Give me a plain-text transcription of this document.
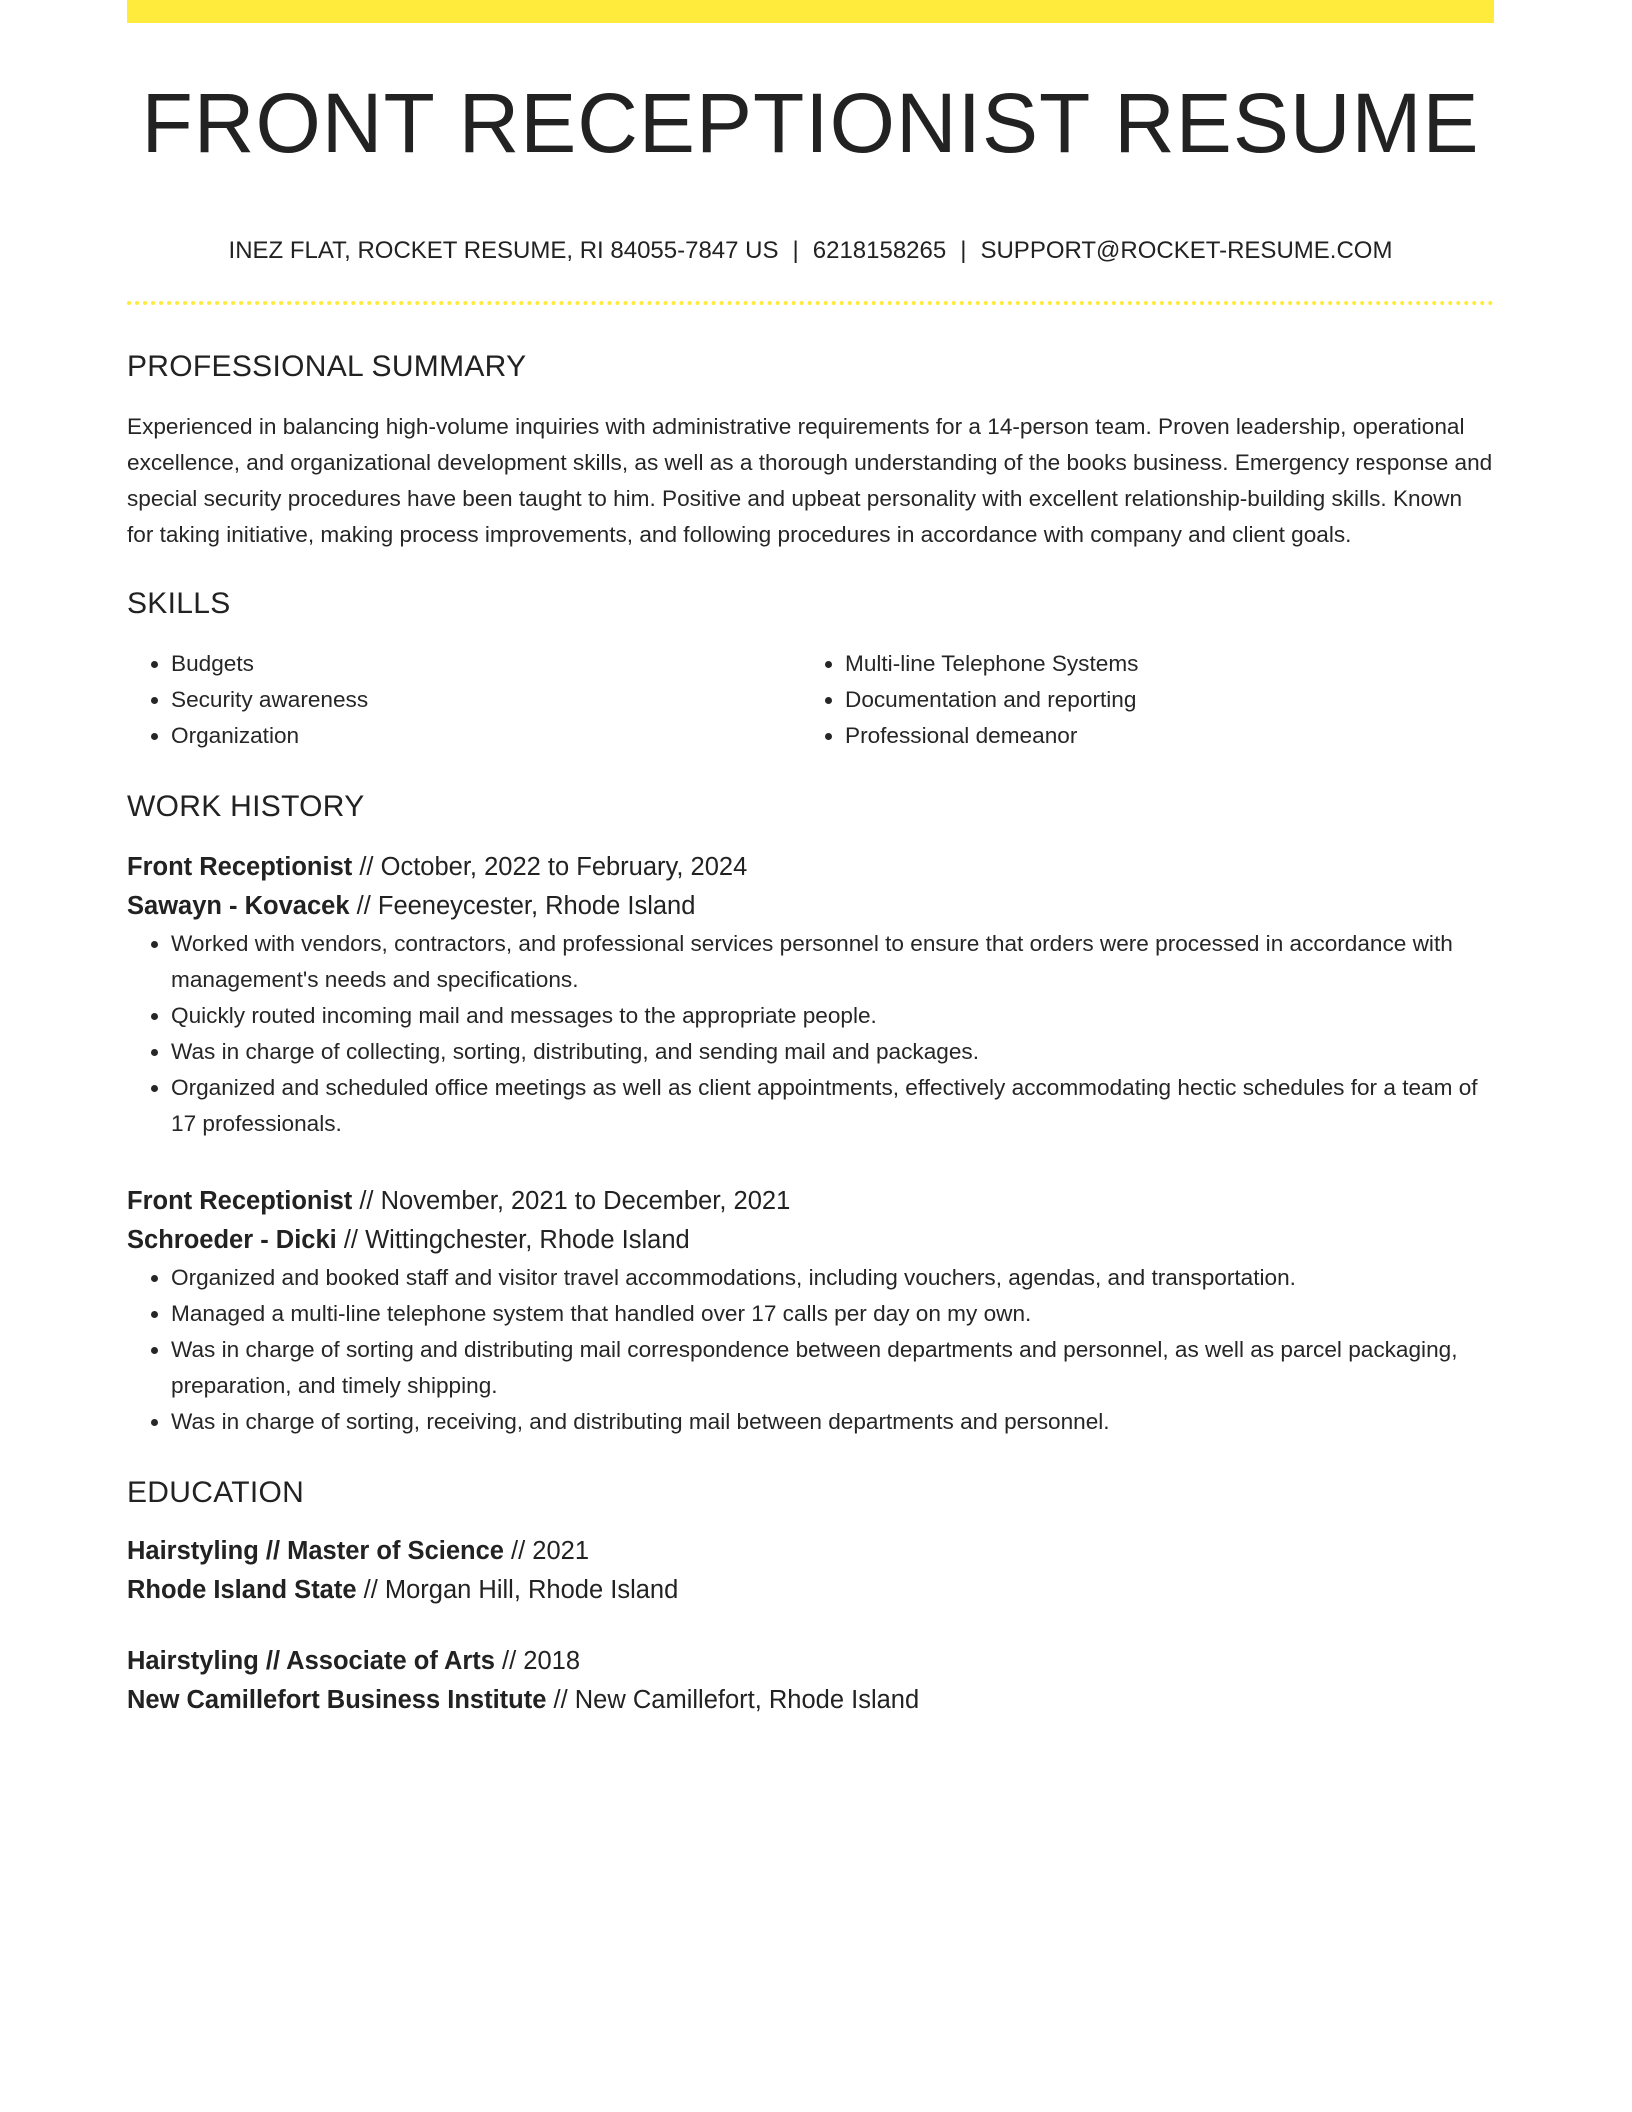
FRONT RECEPTIONIST RESUME
INEZ FLAT, ROCKET RESUME, RI 84055-7847 US | 6218158265 | SUPPORT@ROCKET-RESUME.COM
PROFESSIONAL SUMMARY

Experienced in balancing high-volume inquiries with administrative requirements for a 14-person team. Proven leadership, operational excellence, and organizational development skills, as well as a thorough understanding of the books business. Emergency response and special security procedures have been taught to him. Positive and upbeat personality with excellent relationship-building skills. Known for taking initiative, making process improvements, and following procedures in accordance with company and client goals.

SKILLS
• Budgets
• Security awareness
• Organization
• Multi-line Telephone Systems
• Documentation and reporting
• Professional demeanor
WORK HISTORY
Front Receptionist // October, 2022 to February, 2024
Sawayn - Kovacek // Feeneycester, Rhode Island
• Worked with vendors, contractors, and professional services personnel to ensure that orders were processed in accordance with management's needs and specifications.
• Quickly routed incoming mail and messages to the appropriate people.
• Was in charge of collecting, sorting, distributing, and sending mail and packages.
• Organized and scheduled office meetings as well as client appointments, effectively accommodating hectic schedules for a team of 17 professionals.
Front Receptionist // November, 2021 to December, 2021
Schroeder - Dicki // Wittingchester, Rhode Island
• Organized and booked staff and visitor travel accommodations, including vouchers, agendas, and transportation.
• Managed a multi-line telephone system that handled over 17 calls per day on my own.
• Was in charge of sorting and distributing mail correspondence between departments and personnel, as well as parcel packaging, preparation, and timely shipping.
• Was in charge of sorting, receiving, and distributing mail between departments and personnel.
EDUCATION
Hairstyling // Master of Science // 2021
Rhode Island State // Morgan Hill, Rhode Island
Hairstyling // Associate of Arts // 2018
New Camillefort Business Institute // New Camillefort, Rhode Island
